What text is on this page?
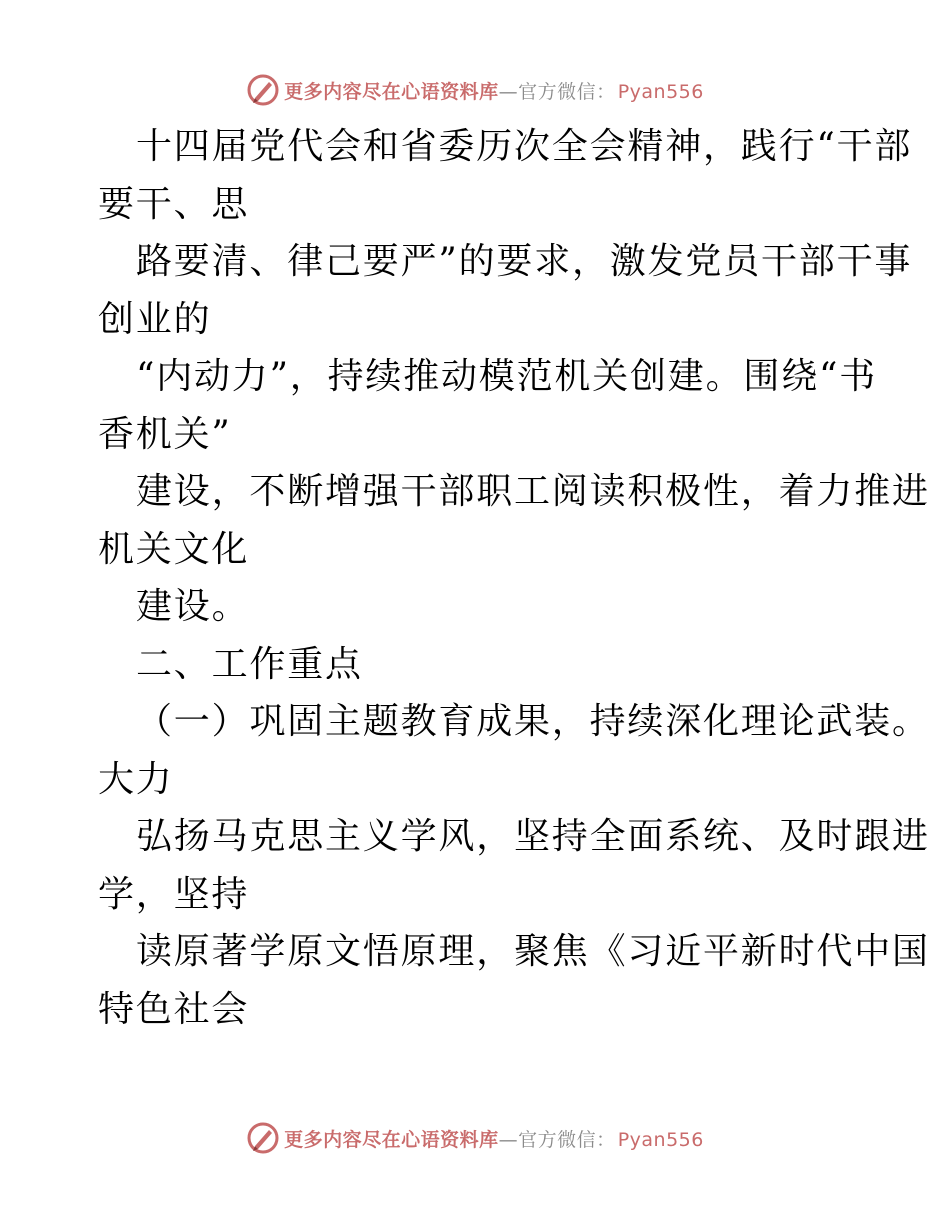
更多内容尽在心语资料库—官方微信： Pyan556
十四届党代会和省委历次全会精神，践行“干部
要干、思
路要清、律己要严”的要求，激发党员干部干事
创业的
“内动力”，持续推动模范机关创建。围绕“书
香机关”
建设，不断增强干部职工阅读积极性，着力推进
机关文化
建设。
二、工作重点
（一）巩固主题教育成果，持续深化理论武装。
大力
弘扬马克思主义学风，坚持全面系统、及时跟进
学，坚持
读原著学原文悟原理，聚焦《习近平新时代中国
特色社会
更多内容尽在心语资料库—官方微信： Pyan556
